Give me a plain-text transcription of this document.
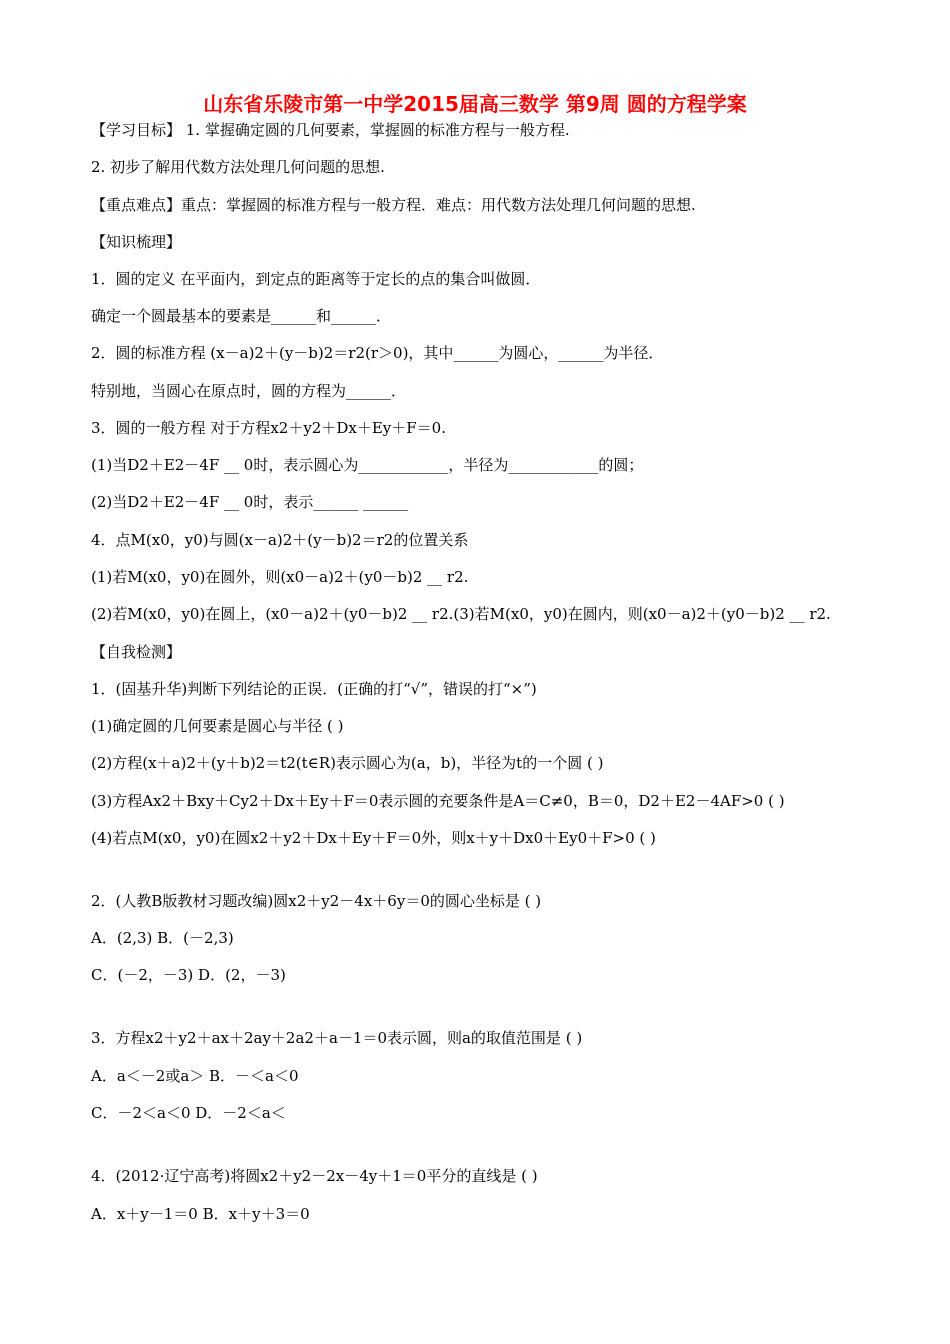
山东省乐陵市第一中学2015届高三数学 第9周 圆的方程学案
【学习目标】 1. 掌握确定圆的几何要素，掌握圆的标准方程与一般方程.
2. 初步了解用代数方法处理几何问题的思想.
【重点难点】重点：掌握圆的标准方程与一般方程．难点：用代数方法处理几何问题的思想.
【知识梳理】
1．圆的定义 在平面内，到定点的距离等于定长的点的集合叫做圆．
确定一个圆最基本的要素是______和______．
2．圆的标准方程 (x－a)2＋(y－b)2＝r2(r＞0)，其中______为圆心，______为半径．
特别地，当圆心在原点时，圆的方程为______．
3．圆的一般方程 对于方程x2＋y2＋Dx＋Ey＋F＝0.
(1)当D2＋E2－4F __ 0时，表示圆心为____________，半径为____________的圆；
(2)当D2＋E2－4F __ 0时，表示______ ______
4．点M(x0，y0)与圆(x－a)2＋(y－b)2＝r2的位置关系
(1)若M(x0，y0)在圆外，则(x0－a)2＋(y0－b)2 __ r2.
(2)若M(x0，y0)在圆上，(x0－a)2＋(y0－b)2 __ r2.(3)若M(x0，y0)在圆内，则(x0－a)2＋(y0－b)2 __ r2.
【自我检测】
1．(固基升华)判断下列结论的正误．(正确的打“√”，错误的打“×”)
(1)确定圆的几何要素是圆心与半径 ( )
(2)方程(x＋a)2＋(y＋b)2＝t2(t∈R)表示圆心为(a，b)，半径为t的一个圆 ( )
(3)方程Ax2＋Bxy＋Cy2＋Dx＋Ey＋F＝0表示圆的充要条件是A＝C≠0，B＝0，D2＋E2－4AF>0 ( )
(4)若点M(x0，y0)在圆x2＋y2＋Dx＋Ey＋F＝0外，则x＋y＋Dx0＋Ey0＋F>0 ( )
2．(人教B版教材习题改编)圆x2＋y2－4x＋6y＝0的圆心坐标是 ( )
A．(2,3) B．(－2,3)
C．(－2，－3) D．(2，－3)
3．方程x2＋y2＋ax＋2ay＋2a2＋a－1＝0表示圆，则a的取值范围是 ( )
A．a＜－2或a＞ B．－＜a＜0
C．－2＜a＜0 D．－2＜a＜
4．(2012·辽宁高考)将圆x2＋y2－2x－4y＋1＝0平分的直线是 ( )
A．x＋y－1＝0 B．x＋y＋3＝0
